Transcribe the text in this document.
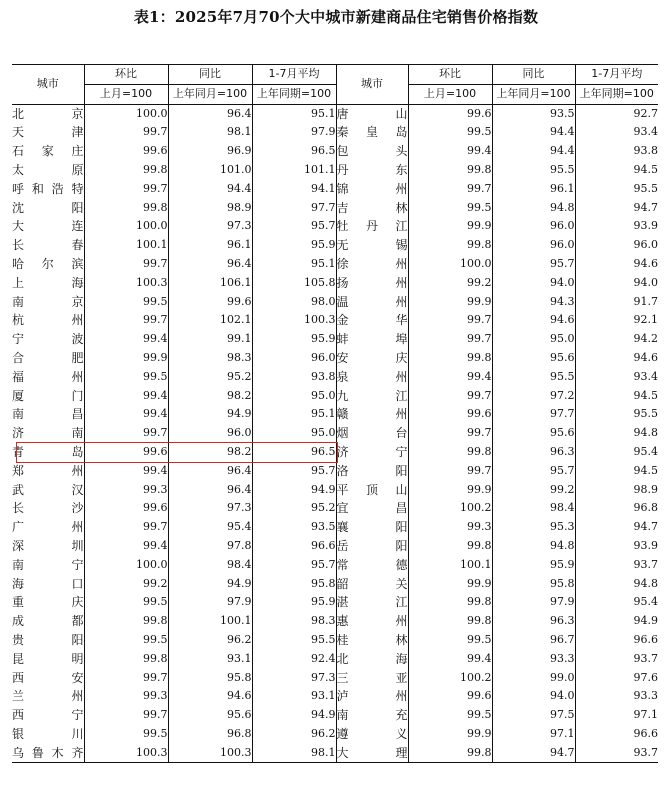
表1：2025年7月70个大中城市新建商品住宅销售价格指数
城市	环比	同比	1-7月平均	城市	环比	同比	1-7月平均
	上月=100	上年同月=100	上年同期=100		上月=100	上年同月=100	上年同期=100
北　京	100.0	96.4	95.1	唐　山	99.6	93.5	92.7
天　津	99.7	98.1	97.9	秦皇岛	99.5	94.4	93.4
石家庄	99.6	96.9	96.5	包　头	99.4	94.4	93.8
太　原	99.8	101.0	101.1	丹　东	99.8	95.5	94.5
呼和浩特	99.7	94.4	94.1	锦　州	99.7	96.1	95.5
沈　阳	99.8	98.9	97.7	吉　林	99.5	94.8	94.7
大　连	100.0	97.3	95.7	牡丹江	99.9	96.0	93.9
长　春	100.1	96.1	95.9	无　锡	99.8	96.0	96.0
哈尔滨	99.7	96.4	95.1	徐　州	100.0	95.7	94.6
上　海	100.3	106.1	105.8	扬　州	99.2	94.0	94.0
南　京	99.5	99.6	98.0	温　州	99.9	94.3	91.7
杭　州	99.7	102.1	100.3	金　华	99.7	94.6	92.1
宁　波	99.4	99.1	95.9	蚌　埠	99.7	95.0	94.2
合　肥	99.9	98.3	96.0	安　庆	99.8	95.6	94.6
福　州	99.5	95.2	93.8	泉　州	99.4	95.5	93.4
厦　门	99.4	98.2	95.0	九　江	99.7	97.2	94.5
南　昌	99.4	94.9	95.1	赣　州	99.6	97.7	95.5
济　南	99.7	96.0	95.0	烟　台	99.7	95.6	94.8
青　岛	99.6	98.2	96.5	济　宁	99.8	96.3	95.4
郑　州	99.4	96.4	95.7	洛　阳	99.7	95.7	94.5
武　汉	99.3	96.4	94.9	平顶山	99.9	99.2	98.9
长　沙	99.6	97.3	95.2	宜　昌	100.2	98.4	96.8
广　州	99.7	95.4	93.5	襄　阳	99.3	95.3	94.7
深　圳	99.4	97.8	96.6	岳　阳	99.8	94.8	93.9
南　宁	100.0	98.4	95.7	常　德	100.1	95.9	93.7
海　口	99.2	94.9	95.8	韶　关	99.9	95.8	94.8
重　庆	99.5	97.9	95.9	湛　江	99.8	97.9	95.4
成　都	99.8	100.1	98.3	惠　州	99.8	96.3	94.9
贵　阳	99.5	96.2	95.5	桂　林	99.5	96.7	96.6
昆　明	99.8	93.1	92.4	北　海	99.4	93.3	93.7
西　安	99.7	95.8	97.3	三　亚	100.2	99.0	97.6
兰　州	99.3	94.6	93.1	泸　州	99.6	94.0	93.3
西　宁	99.7	95.6	94.9	南　充	99.5	97.5	97.1
银　川	99.5	96.8	96.2	遵　义	99.9	97.1	96.6
乌鲁木齐	100.3	100.3	98.1	大　理	99.8	94.7	93.7
